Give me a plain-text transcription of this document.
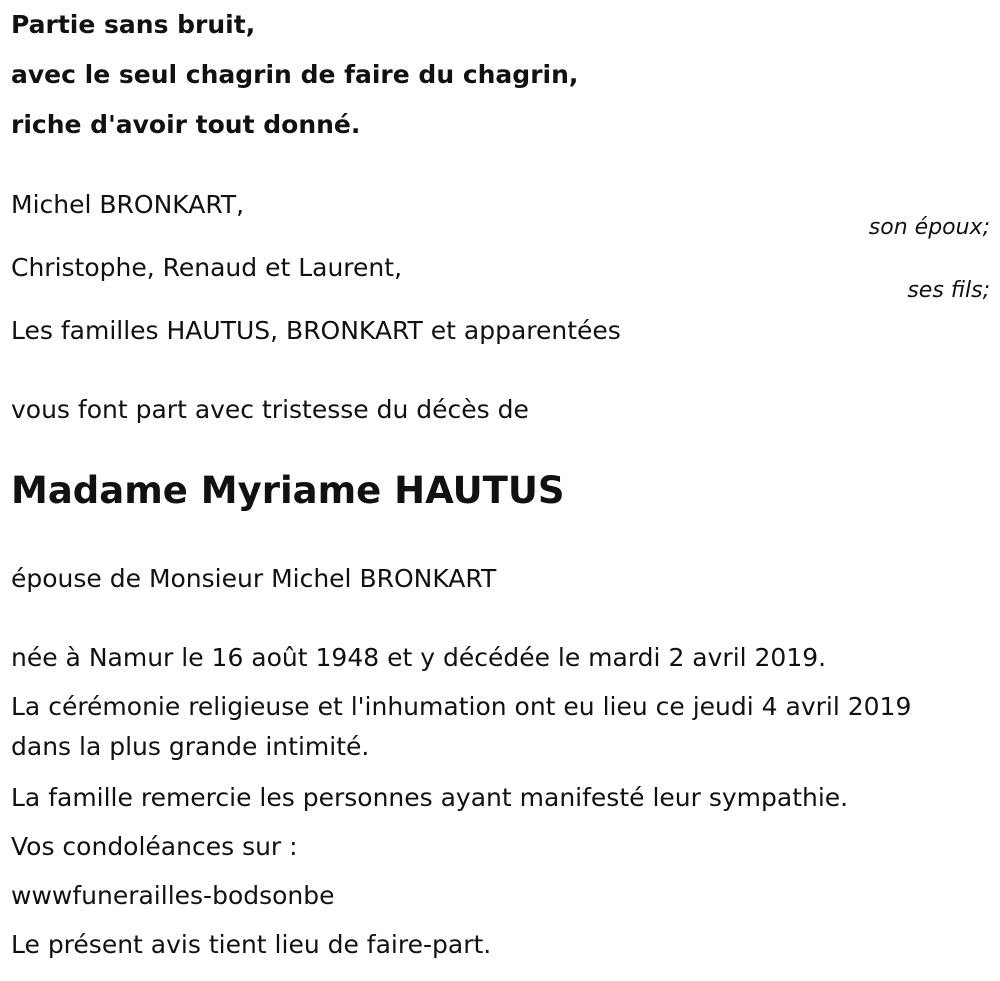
Partie sans bruit,
avec le seul chagrin de faire du chagrin,
riche d'avoir tout donné.
Michel BRONKART,
son époux;
Christophe, Renaud et Laurent,
ses fils;
Les familles HAUTUS, BRONKART et apparentées
vous font part avec tristesse du décès de
Madame Myriame HAUTUS
épouse de Monsieur Michel BRONKART
née à Namur le 16 août 1948 et y décédée le mardi 2 avril 2019.
La cérémonie religieuse et l'inhumation ont eu lieu ce jeudi 4 avril 2019
dans la plus grande intimité.
La famille remercie les personnes ayant manifesté leur sympathie.
Vos condoléances sur :
wwwfunerailles-bodsonbe
Le présent avis tient lieu de faire-part.
